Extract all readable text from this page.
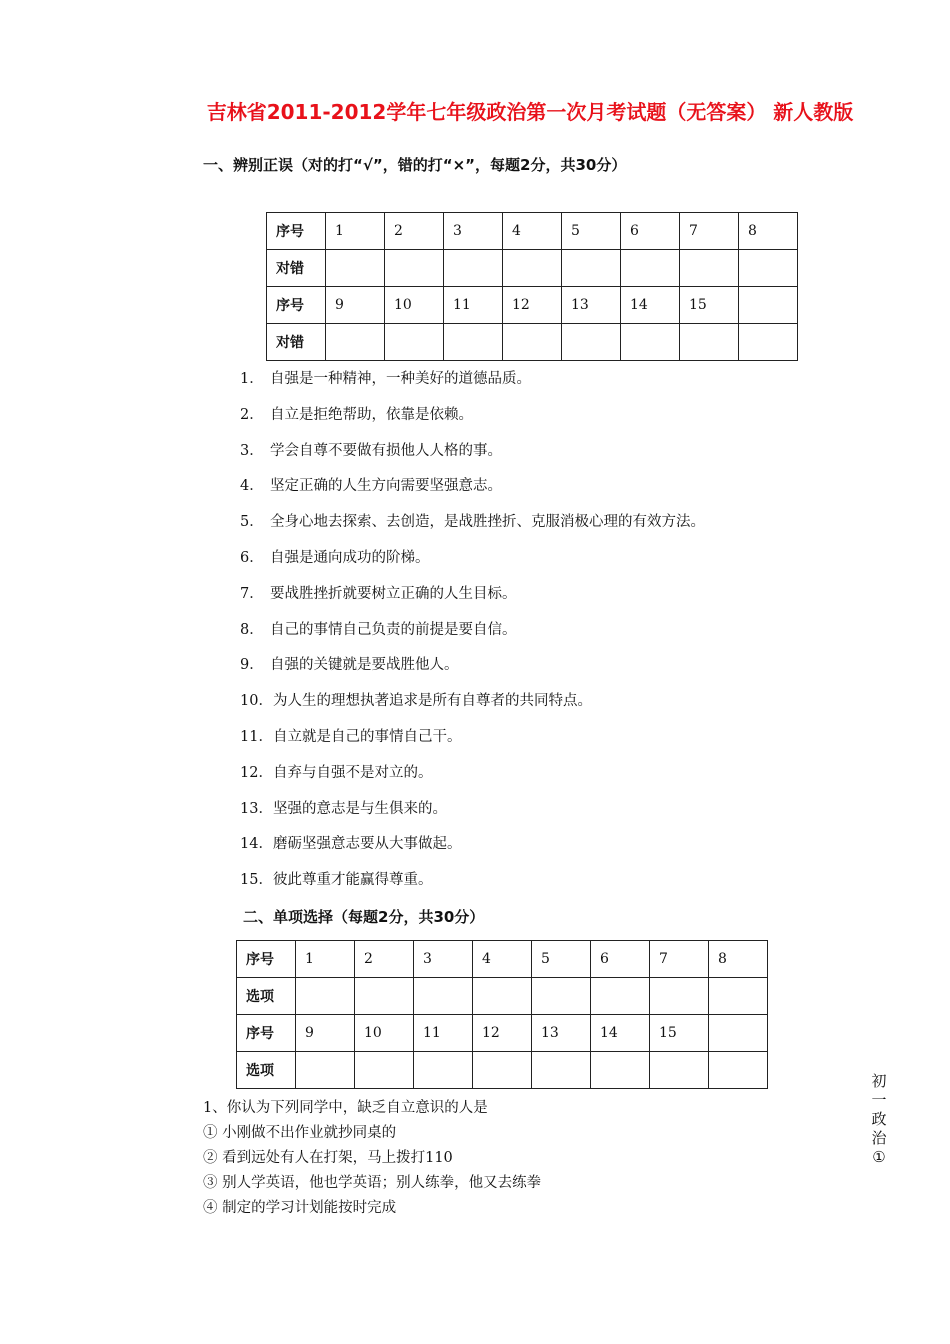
吉林省2011-2012学年七年级政治第一次月考试题（无答案） 新人教版
一、辨别正误（对的打“√”，错的打“×”，每题2分，共30分）
序号	1	2	3	4	5	6	7	8
对错								
序号	9	10	11	12	13	14	15	
对错								
1． 自强是一种精神，一种美好的道德品质。
2． 自立是拒绝帮助，依靠是依赖。
3． 学会自尊不要做有损他人人格的事。
4． 坚定正确的人生方向需要坚强意志。
5． 全身心地去探索、去创造，是战胜挫折、克服消极心理的有效方法。
6． 自强是通向成功的阶梯。
7． 要战胜挫折就要树立正确的人生目标。
8． 自己的事情自己负责的前提是要自信。
9． 自强的关键就是要战胜他人。
10．为人生的理想执著追求是所有自尊者的共同特点。
11．自立就是自己的事情自己干。
12．自弃与自强不是对立的。
13．坚强的意志是与生俱来的。
14．磨砺坚强意志要从大事做起。
15．彼此尊重才能赢得尊重。
二、单项选择（每题2分，共30分）
序号	1	2	3	4	5	6	7	8
选项								
序号	9	10	11	12	13	14	15	
选项								
1、你认为下列同学中，缺乏自立意识的人是
① 小刚做不出作业就抄同桌的
② 看到远处有人在打架，马上拨打110
③ 别人学英语，他也学英语；别人练拳，他又去练拳
④ 制定的学习计划能按时完成
初
一
政
治
①
